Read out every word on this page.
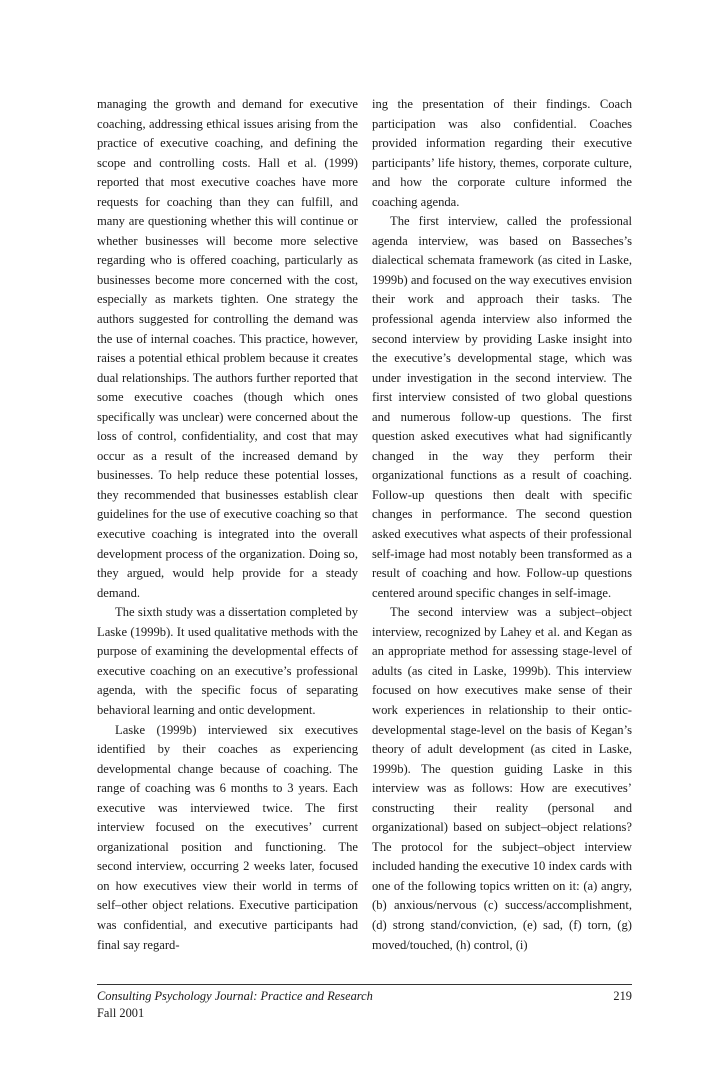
managing the growth and demand for executive coaching, addressing ethical issues arising from the practice of executive coaching, and defining the scope and controlling costs. Hall et al. (1999) reported that most executive coaches have more requests for coaching than they can fulfill, and many are questioning whether this will continue or whether businesses will become more selective regarding who is offered coaching, particularly as businesses become more concerned with the cost, especially as markets tighten. One strategy the authors suggested for controlling the demand was the use of internal coaches. This practice, however, raises a potential ethical problem because it creates dual relationships. The authors further reported that some executive coaches (though which ones specifically was unclear) were concerned about the loss of control, confidentiality, and cost that may occur as a result of the increased demand by businesses. To help reduce these potential losses, they recommended that businesses establish clear guidelines for the use of executive coaching so that executive coaching is integrated into the overall development process of the organization. Doing so, they argued, would help provide for a steady demand.

The sixth study was a dissertation completed by Laske (1999b). It used qualitative methods with the purpose of examining the developmental effects of executive coaching on an executive’s professional agenda, with the specific focus of separating behavioral learning and ontic development.

Laske (1999b) interviewed six executives identified by their coaches as experiencing developmental change because of coaching. The range of coaching was 6 months to 3 years. Each executive was interviewed twice. The first interview focused on the executives’ current organizational position and functioning. The second interview, occurring 2 weeks later, focused on how executives view their world in terms of self–other object relations. Executive participation was confidential, and executive participants had final say regard-

ing the presentation of their findings. Coach participation was also confidential. Coaches provided information regarding their executive participants’ life history, themes, corporate culture, and how the corporate culture informed the coaching agenda.

The first interview, called the professional agenda interview, was based on Basseches’s dialectical schemata framework (as cited in Laske, 1999b) and focused on the way executives envision their work and approach their tasks. The professional agenda interview also informed the second interview by providing Laske insight into the executive’s developmental stage, which was under investigation in the second interview. The first interview consisted of two global questions and numerous follow-up questions. The first question asked executives what had significantly changed in the way they perform their organizational functions as a result of coaching. Follow-up questions then dealt with specific changes in performance. The second question asked executives what aspects of their professional self-image had most notably been transformed as a result of coaching and how. Follow-up questions centered around specific changes in self-image.

The second interview was a subject–object interview, recognized by Lahey et al. and Kegan as an appropriate method for assessing stage-level of adults (as cited in Laske, 1999b). This interview focused on how executives make sense of their work experiences in relationship to their ontic-developmental stage-level on the basis of Kegan’s theory of adult development (as cited in Laske, 1999b). The question guiding Laske in this interview was as follows: How are executives’ constructing their reality (personal and organizational) based on subject–object relations? The protocol for the subject–object interview included handing the executive 10 index cards with one of the following topics written on it: (a) angry, (b) anxious/nervous (c) success/accomplishment, (d) strong stand/conviction, (e) sad, (f) torn, (g) moved/touched, (h) control, (i)

Consulting Psychology Journal: Practice and Research
Fall 2001
219
